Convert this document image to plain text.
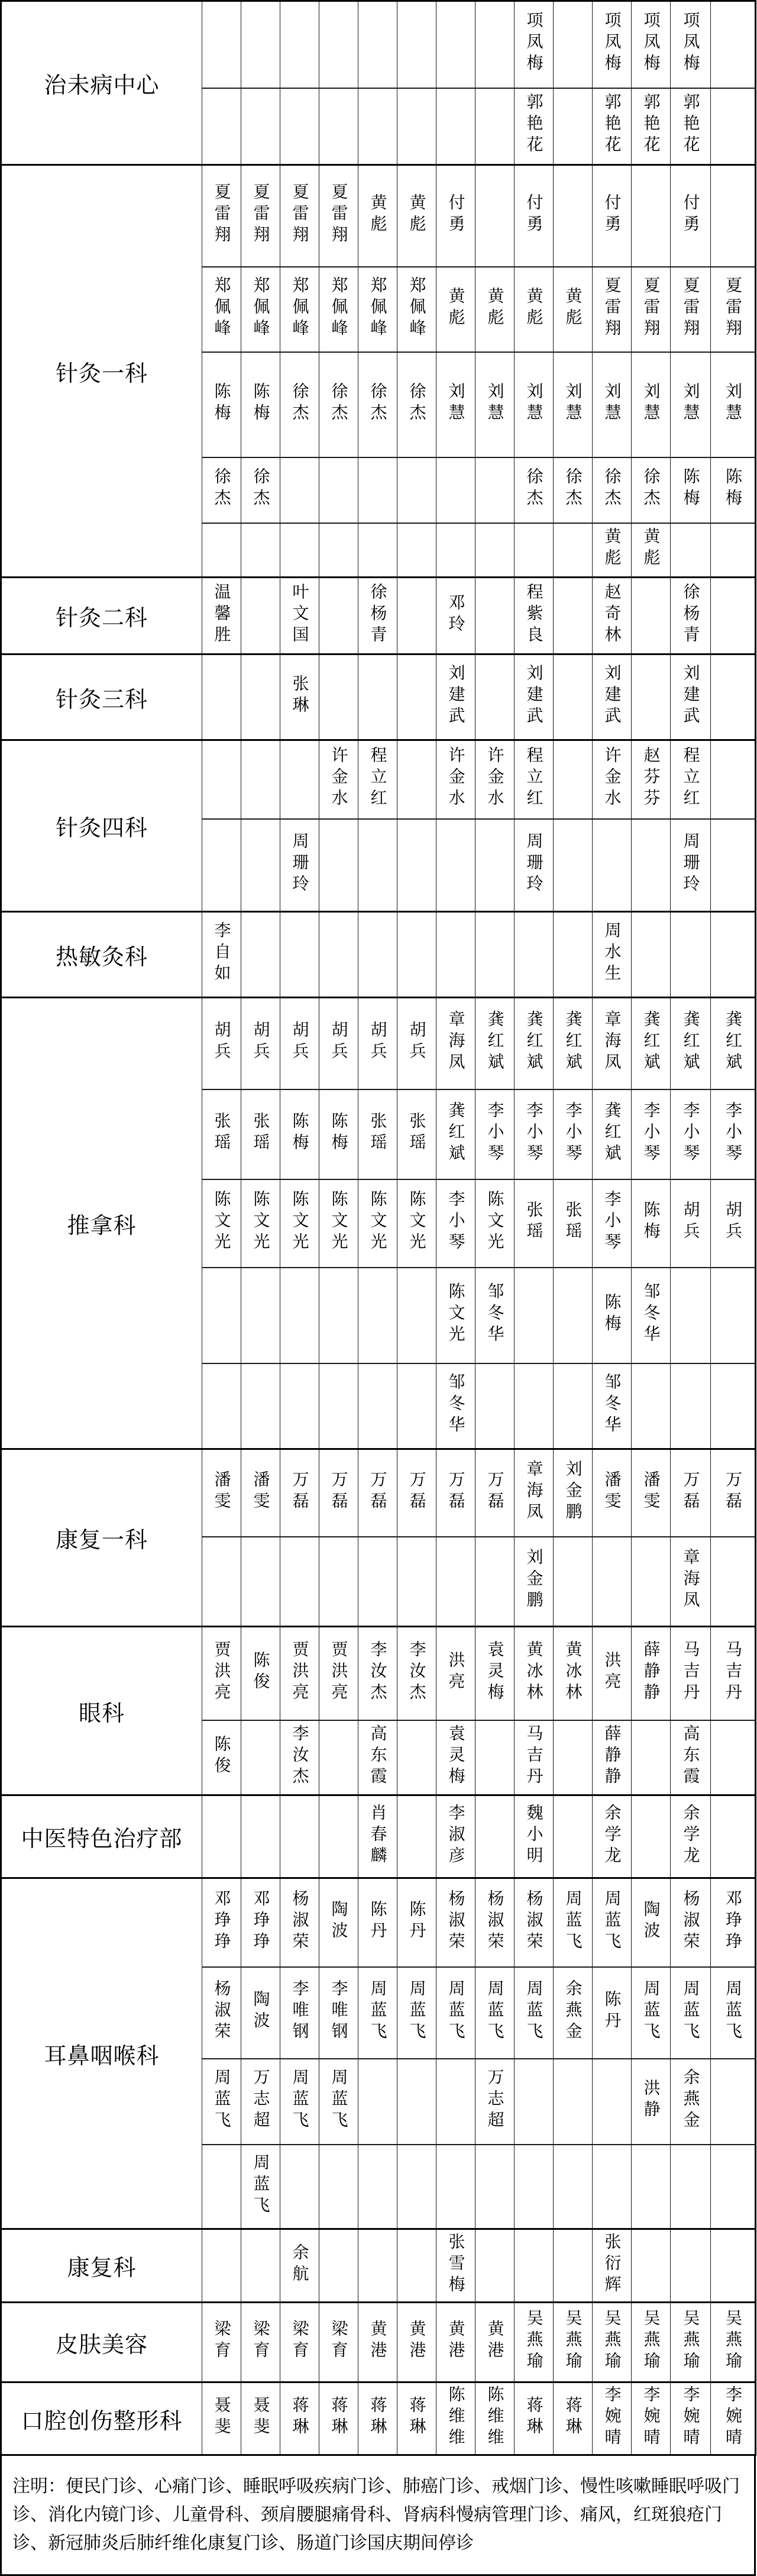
治未病中心									项凤梅		项凤梅	项凤梅	项凤梅	
									郭艳花		郭艳花	郭艳花	郭艳花	
针灸一科	夏雷翔	夏雷翔	夏雷翔	夏雷翔	黄彪	黄彪	付勇		付勇		付勇		付勇	
	郑佩峰	郑佩峰	郑佩峰	郑佩峰	郑佩峰	郑佩峰	黄彪	黄彪	黄彪	黄彪	夏雷翔	夏雷翔	夏雷翔	夏雷翔
	陈梅	陈梅	徐杰	徐杰	徐杰	徐杰	刘慧	刘慧	刘慧	刘慧	刘慧	刘慧	刘慧	刘慧
	徐杰	徐杰							徐杰	徐杰	徐杰	徐杰	陈梅	陈梅
											黄彪	黄彪		
针灸二科	温馨胜		叶文国		徐杨青		邓玲		程紫良		赵奇林		徐杨青	
针灸三科			张琳				刘建武		刘建武		刘建武		刘建武	
针灸四科				许金水	程立红		许金水	许金水	程立红		许金水	赵芬芬	程立红	
			周珊玲						周珊玲				周珊玲	
热敏灸科	李自如										周水生			
推拿科	胡兵	胡兵	胡兵	胡兵	胡兵	胡兵	章海凤	龚红斌	龚红斌	龚红斌	章海凤	龚红斌	龚红斌	龚红斌
	张瑶	张瑶	陈梅	陈梅	张瑶	张瑶	龚红斌	李小琴	李小琴	李小琴	龚红斌	李小琴	李小琴	李小琴
	陈文光	陈文光	陈文光	陈文光	陈文光	陈文光	李小琴	陈文光	张瑶	张瑶	李小琴	陈梅	胡兵	胡兵
							陈文光	邹冬华			陈梅	邹冬华		
							邹冬华				邹冬华			
康复一科	潘雯	潘雯	万磊	万磊	万磊	万磊	万磊	万磊	章海凤	刘金鹏	潘雯	潘雯	万磊	万磊
									刘金鹏				章海凤	
眼科	贾洪亮	陈俊	贾洪亮	贾洪亮	李汝杰	李汝杰	洪亮	袁灵梅	黄冰林	黄冰林	洪亮	薛静静	马吉丹	马吉丹
	陈俊		李汝杰		高东霞		袁灵梅		马吉丹		薛静静		高东霞	
中医特色治疗部					肖春麟		李淑彦		魏小明		余学龙		余学龙	
耳鼻咽喉科	邓琤琤	邓琤琤	杨淑荣	陶波	陈丹	陈丹	杨淑荣	杨淑荣	杨淑荣	周蓝飞	周蓝飞	陶波	杨淑荣	邓琤琤
	杨淑荣	陶波	李唯钢	李唯钢	周蓝飞	周蓝飞	周蓝飞	周蓝飞	周蓝飞	余燕金	陈丹	周蓝飞	周蓝飞	周蓝飞
	周蓝飞	万志超	周蓝飞	周蓝飞				万志超				洪静	余燕金	
		周蓝飞												
康复科			余航				张雪梅				张衍辉			
皮肤美容	梁育	梁育	梁育	梁育	黄港	黄港	黄港	黄港	吴燕瑜	吴燕瑜	吴燕瑜	吴燕瑜	吴燕瑜	吴燕瑜
口腔创伤整形科	聂斐	聂斐	蒋琳	蒋琳	蒋琳	蒋琳	陈维维	陈维维	蒋琳	蒋琳	李婉晴	李婉晴	李婉晴	李婉晴
注明：便民门诊、心痛门诊、睡眠呼吸疾病门诊、肺癌门诊、戒烟门诊、慢性咳嗽睡眠呼吸门诊、消化内镜门诊、儿童骨科、颈肩腰腿痛骨科、肾病科慢病管理门诊、痛风，红斑狼疮门诊、新冠肺炎后肺纤维化康复门诊、肠道门诊国庆期间停诊
